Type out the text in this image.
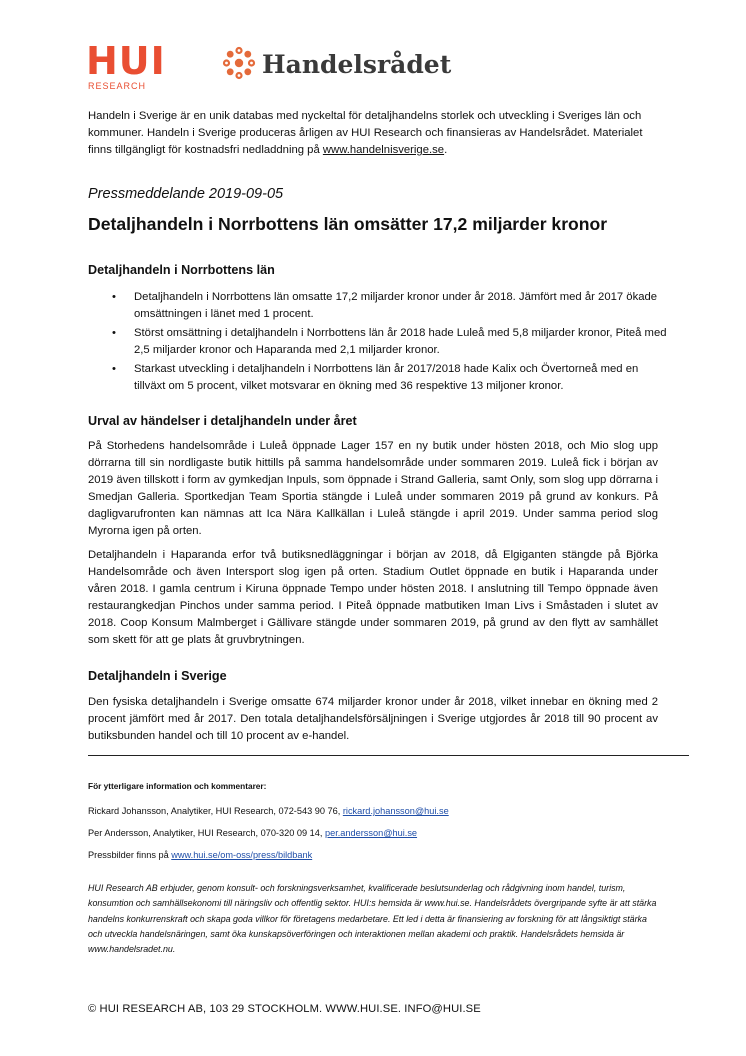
HUI
RESEARCH
Handelsrådet

Handeln i Sverige är en unik databas med nyckeltal för detaljhandelns storlek och utveckling i Sveriges län och kommuner. Handeln i Sverige produceras årligen av HUI Research och finansieras av Handelsrådet. Materialet finns tillgängligt för kostnadsfri nedladdning på www.handelnisverige.se.

Pressmeddelande 2019-09-05

Detaljhandeln i Norrbottens län omsätter 17,2 miljarder kronor
Detaljhandeln i Norrbottens län
• Detaljhandeln i Norrbottens län omsatte 17,2 miljarder kronor under år 2018. Jämfört med år 2017 ökade omsättningen i länet med 1 procent.
• Störst omsättning i detaljhandeln i Norrbottens län år 2018 hade Luleå med 5,8 miljarder kronor, Piteå med 2,5 miljarder kronor och Haparanda med 2,1 miljarder kronor.
• Starkast utveckling i detaljhandeln i Norrbottens län år 2017/2018 hade Kalix och Övertorneå med en tillväxt om 5 procent, vilket motsvarar en ökning med 36 respektive 13 miljoner kronor.
Urval av händelser i detaljhandeln under året

På Storhedens handelsområde i Luleå öppnade Lager 157 en ny butik under hösten 2018, och Mio slog upp dörrarna till sin nordligaste butik hittills på samma handelsområde under sommaren 2019. Luleå fick i början av 2019 även tillskott i form av gymkedjan Inpuls, som öppnade i Strand Galleria, samt Only, som slog upp dörrarna i Smedjan Galleria. Sportkedjan Team Sportia stängde i Luleå under sommaren 2019 på grund av konkurs. På dagligvarufronten kan nämnas att Ica Nära Kallkällan i Luleå stängde i april 2019. Under samma period slog Myrorna igen på orten.

Detaljhandeln i Haparanda erfor två butiksnedläggningar i början av 2018, då Elgiganten stängde på Björka Handelsområde och även Intersport slog igen på orten. Stadium Outlet öppnade en butik i Haparanda under våren 2018. I gamla centrum i Kiruna öppnade Tempo under hösten 2018. I anslutning till Tempo öppnade även restaurangkedjan Pinchos under samma period. I Piteå öppnade matbutiken Iman Livs i Småstaden i slutet av 2018. Coop Konsum Malmberget i Gällivare stängde under sommaren 2019, på grund av den flytt av samhället som skett för att ge plats åt gruvbrytningen.

Detaljhandeln i Sverige

Den fysiska detaljhandeln i Sverige omsatte 674 miljarder kronor under år 2018, vilket innebar en ökning med 2 procent jämfört med år 2017. Den totala detaljhandelsförsäljningen i Sverige utgjordes år 2018 till 90 procent av butiksbunden handel och till 10 procent av e-handel.

För ytterligare information och kommentarer:

Rickard Johansson, Analytiker, HUI Research, 072-543 90 76, rickard.johansson@hui.se

Per Andersson, Analytiker, HUI Research, 070-320 09 14, per.andersson@hui.se

Pressbilder finns på www.hui.se/om-oss/press/bildbank

HUI Research AB erbjuder, genom konsult- och forskningsverksamhet, kvalificerade beslutsunderlag och rådgivning inom handel, turism, konsumtion och samhällsekonomi till näringsliv och offentlig sektor. HUI:s hemsida är www.hui.se. Handelsrådets övergripande syfte är att stärka handelns konkurrenskraft och skapa goda villkor för företagens medarbetare. Ett led i detta är finansiering av forskning för att långsiktigt stärka och utveckla handelsnäringen, samt öka kunskapsöverföringen och interaktionen mellan akademi och praktik. Handelsrådets hemsida är www.handelsradet.nu.

© HUI RESEARCH AB, 103 29 STOCKHOLM. WWW.HUI.SE. INFO@HUI.SE
